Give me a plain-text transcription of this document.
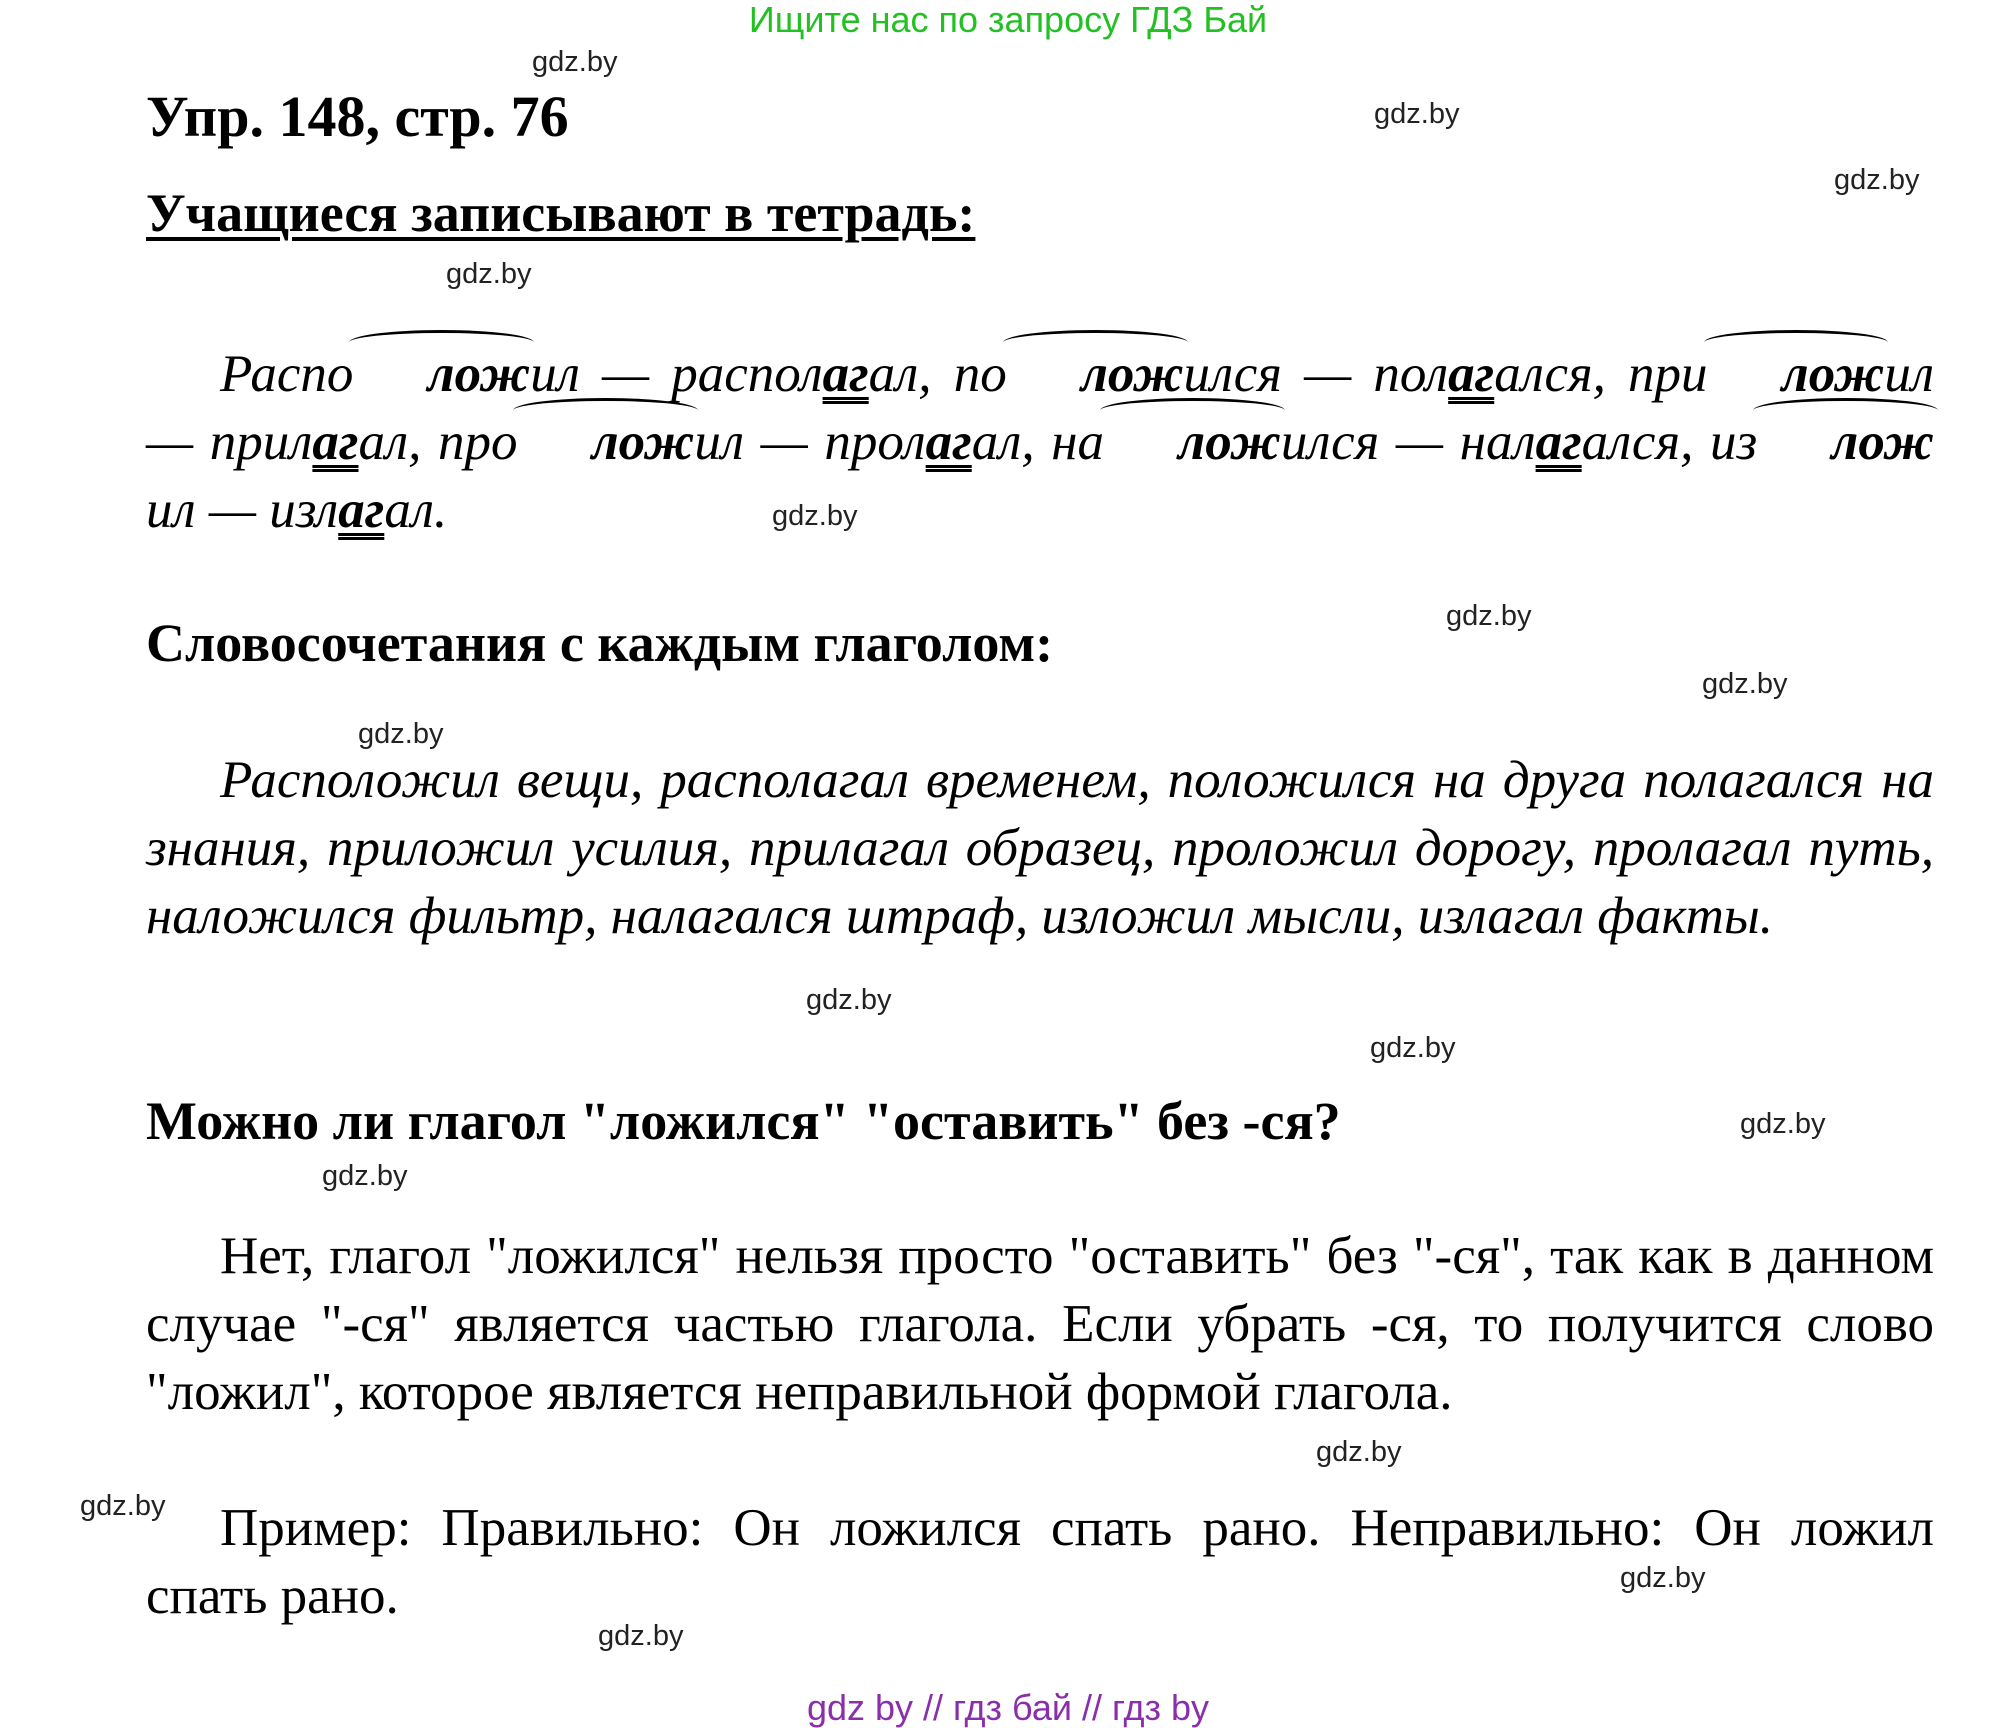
Ищите нас по запросу ГДЗ Бай
Упр. 148, стр. 76
Учащиеся записывают в тетрадь:

Распо ложил — располагал, по ложился — полагался, при ложил — прилагал, про ложил — пролагал, на ложился — налагался, из ложил — излагал.

Словосочетания с каждым глаголом:

Расположил вещи, располагал временем, положился на друга полагался на знания, приложил усилия, прилагал образец, проложил дорогу, пролагал путь, наложился фильтр, налагался штраф, изложил мысли, излагал факты.

Можно ли глагол "ложился" "оставить" без -ся?

Нет, глагол "ложился" нельзя просто "оставить" без "-ся", так как в данном случае "-ся" является частью глагола. Если убрать -ся, то получится слово "ложил", которое является неправильной формой глагола.

Пример: Правильно: Он ложился спать рано. Неправильно: Он ложил спать рано.

gdz.by
gdz.by
gdz.by
gdz.by
gdz.by
gdz.by
gdz.by
gdz.by
gdz.by
gdz.by
gdz.by
gdz.by
gdz.by
gdz.by
gdz.by
gdz.by
gdz by // гдз бай // гдз by
